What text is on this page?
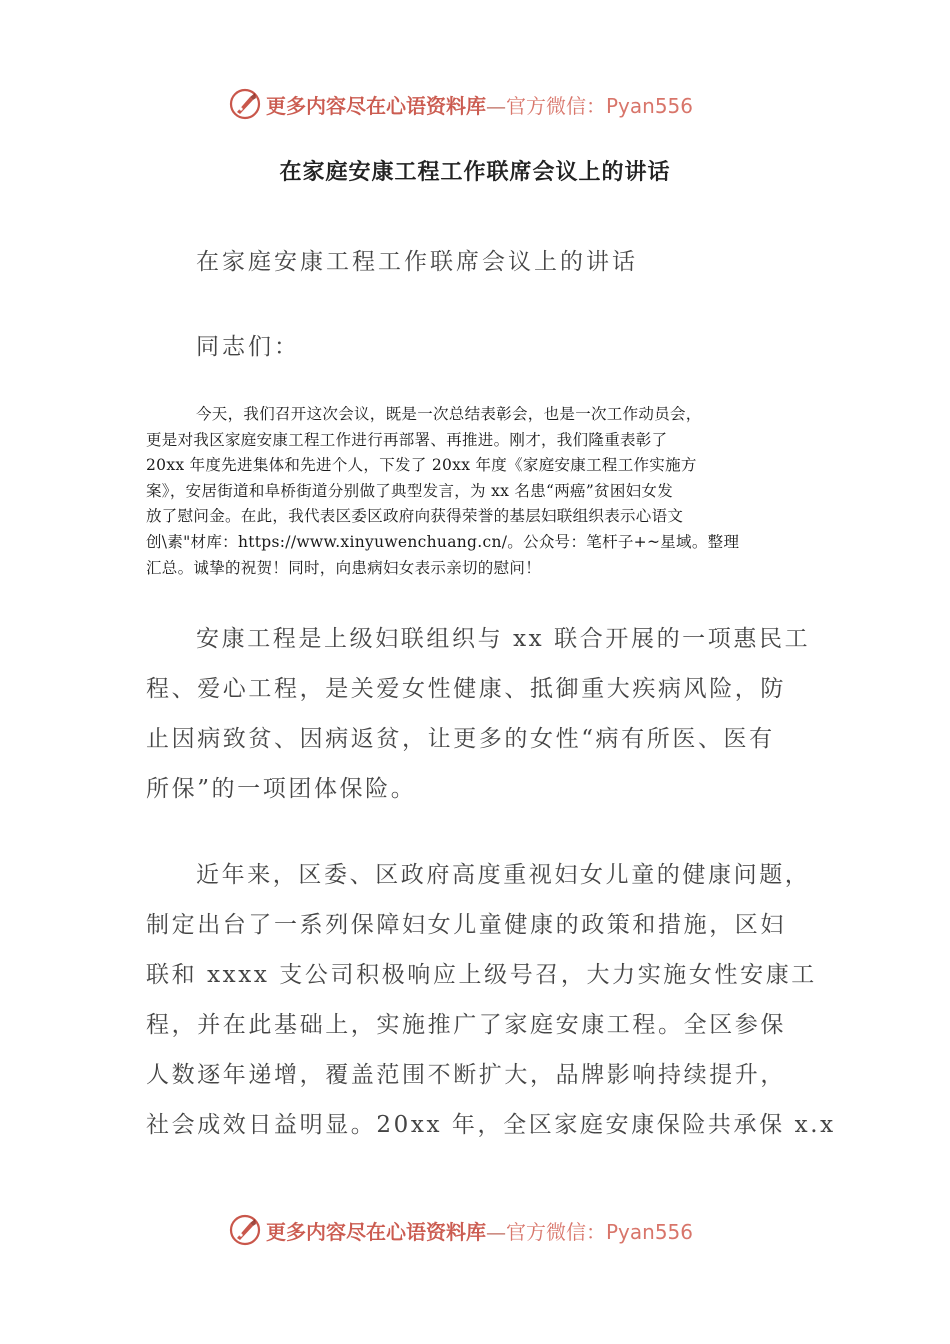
更多内容尽在心语资料库—官方微信：Pyan556
在家庭安康工程工作联席会议上的讲话
在家庭安康工程工作联席会议上的讲话
同志们：
今天，我们召开这次会议，既是一次总结表彰会，也是一次工作动员会，
更是对我区家庭安康工程工作进行再部署、再推进。刚才，我们隆重表彰了
20xx 年度先进集体和先进个人，下发了 20xx 年度《家庭安康工程工作实施方
案》，安居街道和阜桥街道分别做了典型发言，为 xx 名患“两癌”贫困妇女发
放了慰问金。在此，我代表区委区政府向获得荣誉的基层妇联组织表示心语文
创\素"材库：https://www.xinyuwenchuang.cn/。公众号：笔杆子+~星域。整理
汇总。诚挚的祝贺！同时，向患病妇女表示亲切的慰问！
安康工程是上级妇联组织与 xx 联合开展的一项惠民工
程、爱心工程，是关爱女性健康、抵御重大疾病风险，防
止因病致贫、因病返贫，让更多的女性“病有所医、医有
所保”的一项团体保险。
近年来，区委、区政府高度重视妇女儿童的健康问题，
制定出台了一系列保障妇女儿童健康的政策和措施，区妇
联和 xxxx 支公司积极响应上级号召，大力实施女性安康工
程，并在此基础上，实施推广了家庭安康工程。全区参保
人数逐年递增，覆盖范围不断扩大，品牌影响持续提升，
社会成效日益明显。20xx 年，全区家庭安康保险共承保 x.x
更多内容尽在心语资料库—官方微信：Pyan556
